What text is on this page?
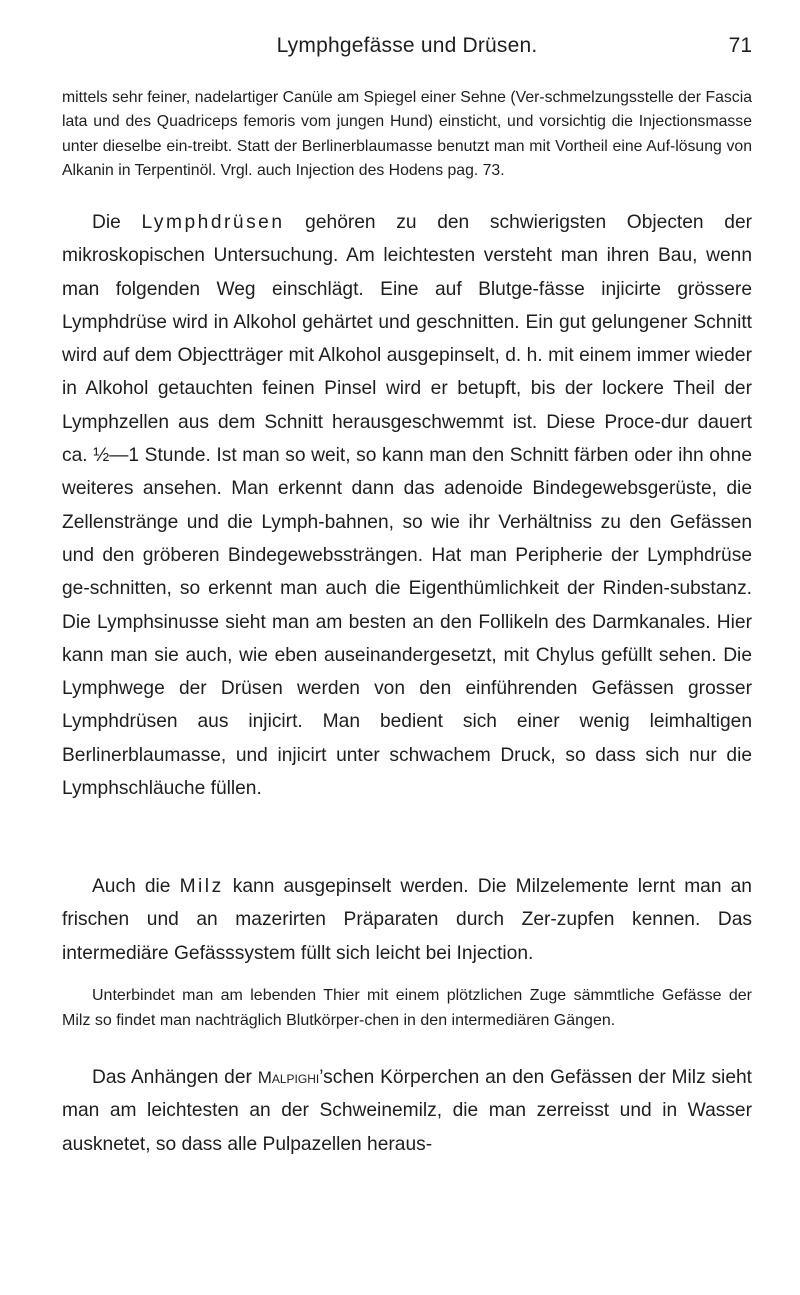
Lymphgefässe und Drüsen.	71

mittels sehr feiner, nadelartiger Canüle am Spiegel einer Sehne (Ver-schmelzungsstelle der Fascia lata und des Quadriceps femoris vom jungen Hund) einsticht, und vorsichtig die Injectionsmasse unter dieselbe ein-treibt. Statt der Berlinerblaumasse benutzt man mit Vortheil eine Auf-lösung von Alkanin in Terpentinöl. Vrgl. auch Injection des Hodens pag. 73.

Die Lymphdrüsen gehören zu den schwierigsten Objecten der mikroskopischen Untersuchung. Am leichtesten versteht man ihren Bau, wenn man folgenden Weg einschlägt. Eine auf Blutge-fässe injicirte grössere Lymphdrüse wird in Alkohol gehärtet und geschnitten. Ein gut gelungener Schnitt wird auf dem Objectträger mit Alkohol ausgepinselt, d. h. mit einem immer wieder in Alkohol getauchten feinen Pinsel wird er betupft, bis der lockere Theil der Lymphzellen aus dem Schnitt herausgeschwemmt ist. Diese Proce-dur dauert ca. ½—1 Stunde. Ist man so weit, so kann man den Schnitt färben oder ihn ohne weiteres ansehen. Man erkennt dann das adenoide Bindegewebsgerüste, die Zellenstränge und die Lymph-bahnen, so wie ihr Verhältniss zu den Gefässen und den gröberen Bindegewebssträngen. Hat man Peripherie der Lymphdrüse ge-schnitten, so erkennt man auch die Eigenthümlichkeit der Rinden-substanz. Die Lymphsinusse sieht man am besten an den Follikeln des Darmkanales. Hier kann man sie auch, wie eben auseinandergesetzt, mit Chylus gefüllt sehen. Die Lymphwege der Drüsen werden von den einführenden Gefässen grosser Lymphdrüsen aus injicirt. Man bedient sich einer wenig leimhaltigen Berlinerblaumasse, und injicirt unter schwachem Druck, so dass sich nur die Lymphschläuche füllen.

Auch die Milz kann ausgepinselt werden. Die Milzelemente lernt man an frischen und an mazerirten Präparaten durch Zer-zupfen kennen. Das intermediäre Gefässsystem füllt sich leicht bei Injection.

Unterbindet man am lebenden Thier mit einem plötzlichen Zuge sämmtliche Gefässe der Milz so findet man nachträglich Blutkörper-chen in den intermediären Gängen.

Das Anhängen der Malpighi’schen Körperchen an den Gefässen der Milz sieht man am leichtesten an der Schweinemilz, die man zerreisst und in Wasser ausknetet, so dass alle Pulpazellen heraus-
